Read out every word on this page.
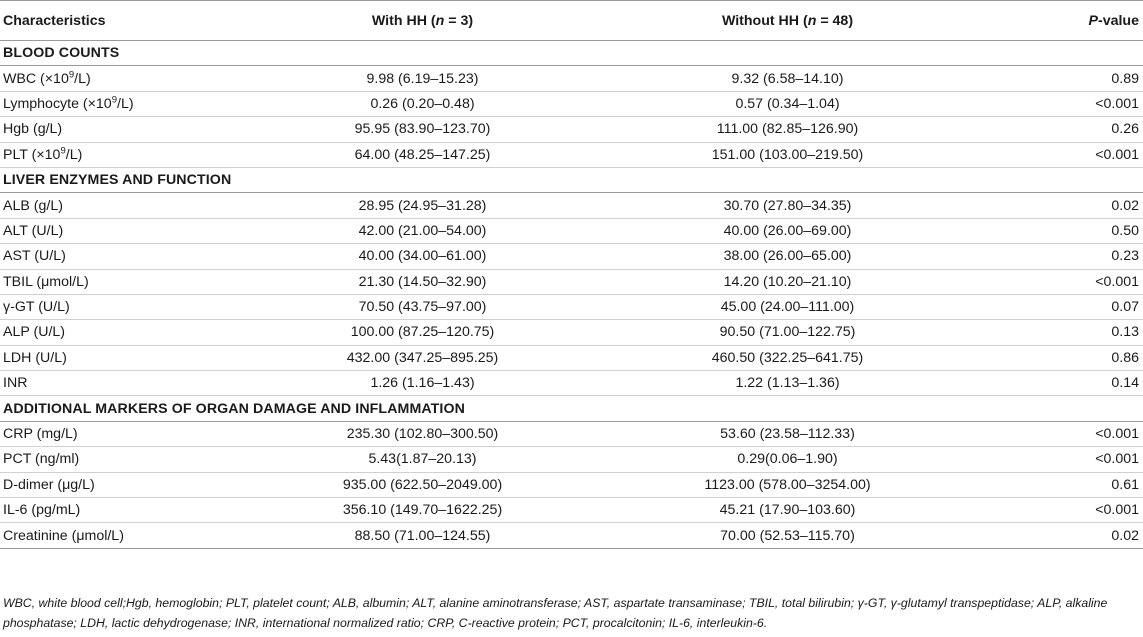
Characteristics	With HH (n = 3)	Without HH (n = 48)	P-value
BLOOD COUNTS			
WBC $(\times 10^9/L)$	9.98 (6.19–15.23)	9.32 (6.58–14.10)	0.89
Lymphocyte $(\times 10^9/L)$	0.26 (0.20–0.48)	0.57 (0.34–1.04)	<0.001
Hgb (g/L)	95.95 (83.90–123.70)	111.00 (82.85–126.90)	0.26
PLT $(\times 10^9/L)$	64.00 (48.25–147.25)	151.00 (103.00–219.50)	<0.001
LIVER ENZYMES AND FUNCTION			
ALB (g/L)	28.95 (24.95–31.28)	30.70 (27.80–34.35)	0.02
ALT (U/L)	42.00 (21.00–54.00)	40.00 (26.00–69.00)	0.50
AST (U/L)	40.00 (34.00–61.00)	38.00 (26.00–65.00)	0.23
TBIL (μmol/L)	21.30 (14.50–32.90)	14.20 (10.20–21.10)	<0.001
γ-GT (U/L)	70.50 (43.75–97.00)	45.00 (24.00–111.00)	0.07
ALP (U/L)	100.00 (87.25–120.75)	90.50 (71.00–122.75)	0.13
LDH (U/L)	432.00 (347.25–895.25)	460.50 (322.25–641.75)	0.86
INR	1.26 (1.16–1.43)	1.22 (1.13–1.36)	0.14
ADDITIONAL MARKERS OF ORGAN DAMAGE AND INFLAMMATION			
CRP (mg/L)	235.30 (102.80–300.50)	53.60 (23.58–112.33)	<0.001
PCT (ng/ml)	5.43(1.87–20.13)	0.29(0.06–1.90)	<0.001
D-dimer (μg/L)	935.00 (622.50–2049.00)	1123.00 (578.00–3254.00)	0.61
IL-6 (pg/mL)	356.10 (149.70–1622.25)	45.21 (17.90–103.60)	<0.001
Creatinine (μmol/L)	88.50 (71.00–124.55)	70.00 (52.53–115.70)	0.02
WBC, white blood cell;Hgb, hemoglobin; PLT, platelet count; ALB, albumin; ALT, alanine aminotransferase; AST, aspartate transaminase; TBIL, total bilirubin; γ-GT, γ-glutamyl transpeptidase; ALP, alkaline phosphatase; LDH, lactic dehydrogenase; INR, international normalized ratio; CRP, C-reactive protein; PCT, procalcitonin; IL-6, interleukin-6.
